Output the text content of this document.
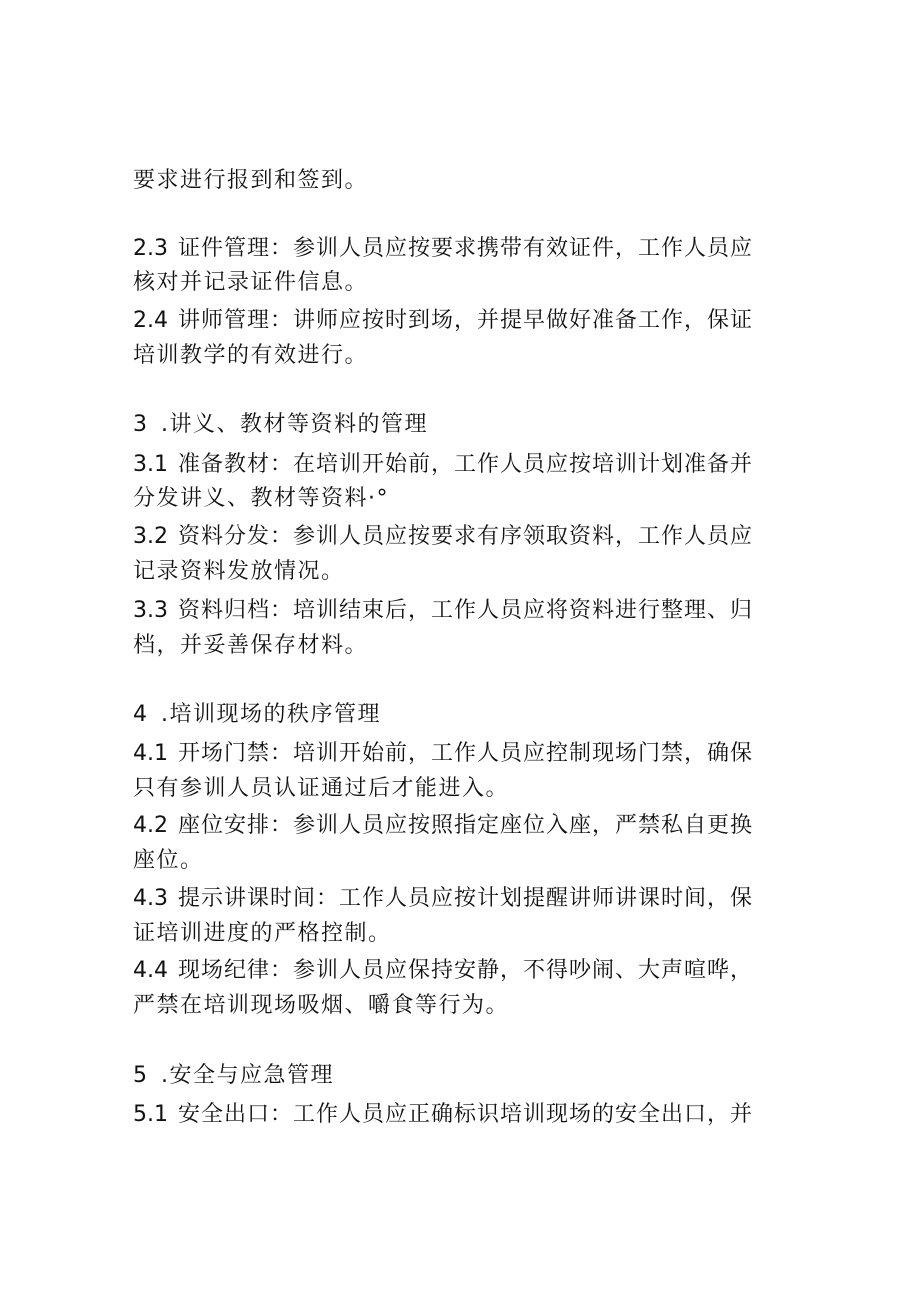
要求进行报到和签到。
2.3 证件管理：参训人员应按要求携带有效证件，工作人员应
核对并记录证件信息。
2.4 讲师管理：讲师应按时到场，并提早做好准备工作，保证
培训教学的有效进行。
3 .讲义、教材等资料的管理
3.1 准备教材：在培训开始前，工作人员应按培训计划准备并
分发讲义、教材等资料·°
3.2 资料分发：参训人员应按要求有序领取资料，工作人员应
记录资料发放情况。
3.3 资料归档：培训结束后，工作人员应将资料进行整理、归
档，并妥善保存材料。
4 .培训现场的秩序管理
4.1 开场门禁：培训开始前，工作人员应控制现场门禁，确保
只有参训人员认证通过后才能进入。
4.2 座位安排：参训人员应按照指定座位入座，严禁私自更换
座位。
4.3 提示讲课时间：工作人员应按计划提醒讲师讲课时间，保
证培训进度的严格控制。
4.4 现场纪律：参训人员应保持安静，不得吵闹、大声喧哗，
严禁在培训现场吸烟、嚼食等行为。
5 .安全与应急管理
5.1 安全出口：工作人员应正确标识培训现场的安全出口，并
